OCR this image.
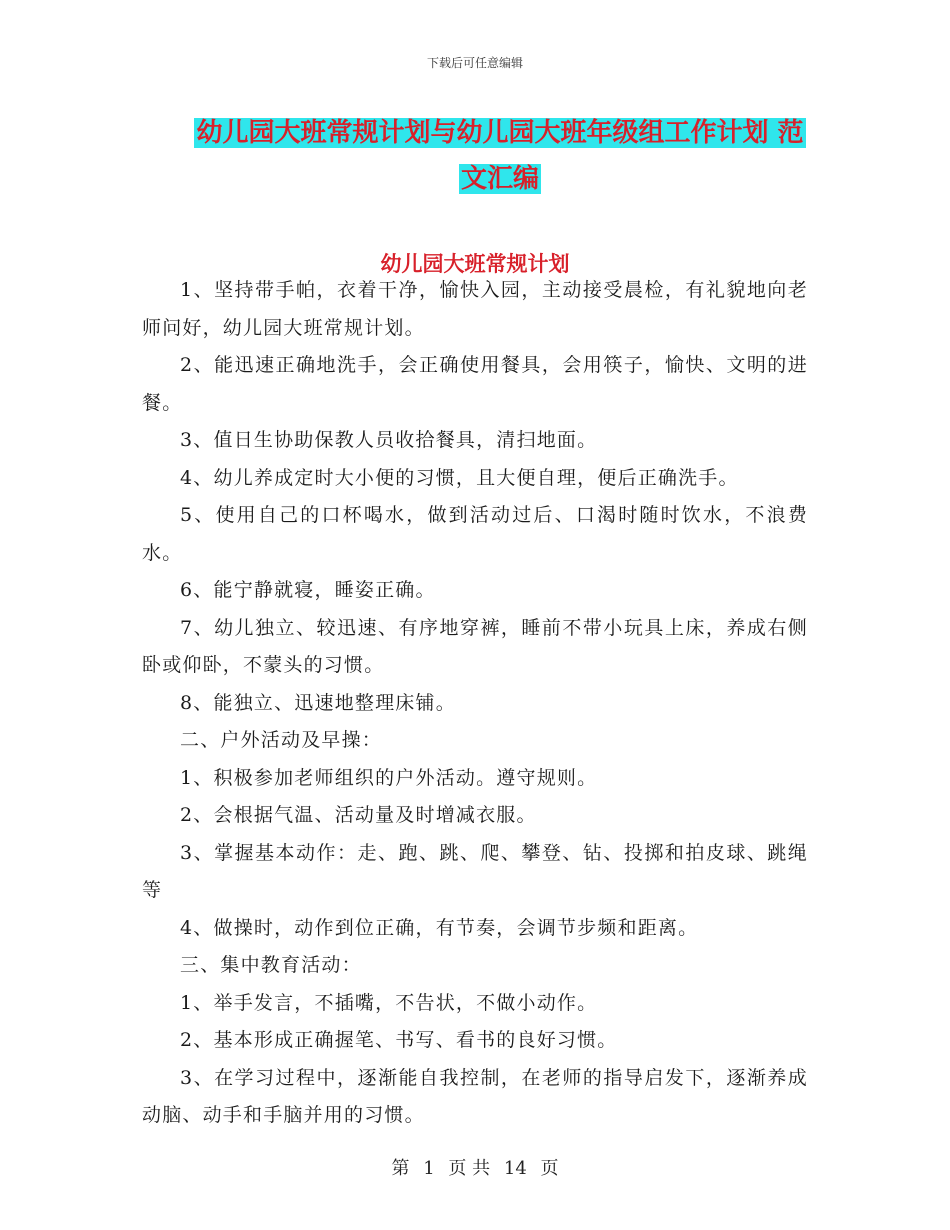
下载后可任意编辑
幼儿园大班常规计划与幼儿园大班年级组工作计划 范
文汇编
幼儿园大班常规计划

1、坚持带手帕，衣着干净，愉快入园，主动接受晨检，有礼貌地向老师问好，幼儿园大班常规计划。

2、能迅速正确地洗手，会正确使用餐具，会用筷子，愉快、文明的进餐。

3、值日生协助保教人员收拾餐具，清扫地面。

4、幼儿养成定时大小便的习惯，且大便自理，便后正确洗手。

5、使用自己的口杯喝水，做到活动过后、口渴时随时饮水，不浪费水。

6、能宁静就寝，睡姿正确。

7、幼儿独立、较迅速、有序地穿裤，睡前不带小玩具上床，养成右侧卧或仰卧，不蒙头的习惯。

8、能独立、迅速地整理床铺。

二、户外活动及早操：

1、积极参加老师组织的户外活动。遵守规则。

2、会根据气温、活动量及时增减衣服。

3、掌握基本动作：走、跑、跳、爬、攀登、钻、投掷和拍皮球、跳绳等

4、做操时，动作到位正确，有节奏，会调节步频和距离。

三、集中教育活动：

1、举手发言，不插嘴，不告状，不做小动作。

2、基本形成正确握笔、书写、看书的良好习惯。

3、在学习过程中，逐渐能自我控制，在老师的指导启发下，逐渐养成动脑、动手和手脑并用的习惯。

第 1 页 共 14 页
